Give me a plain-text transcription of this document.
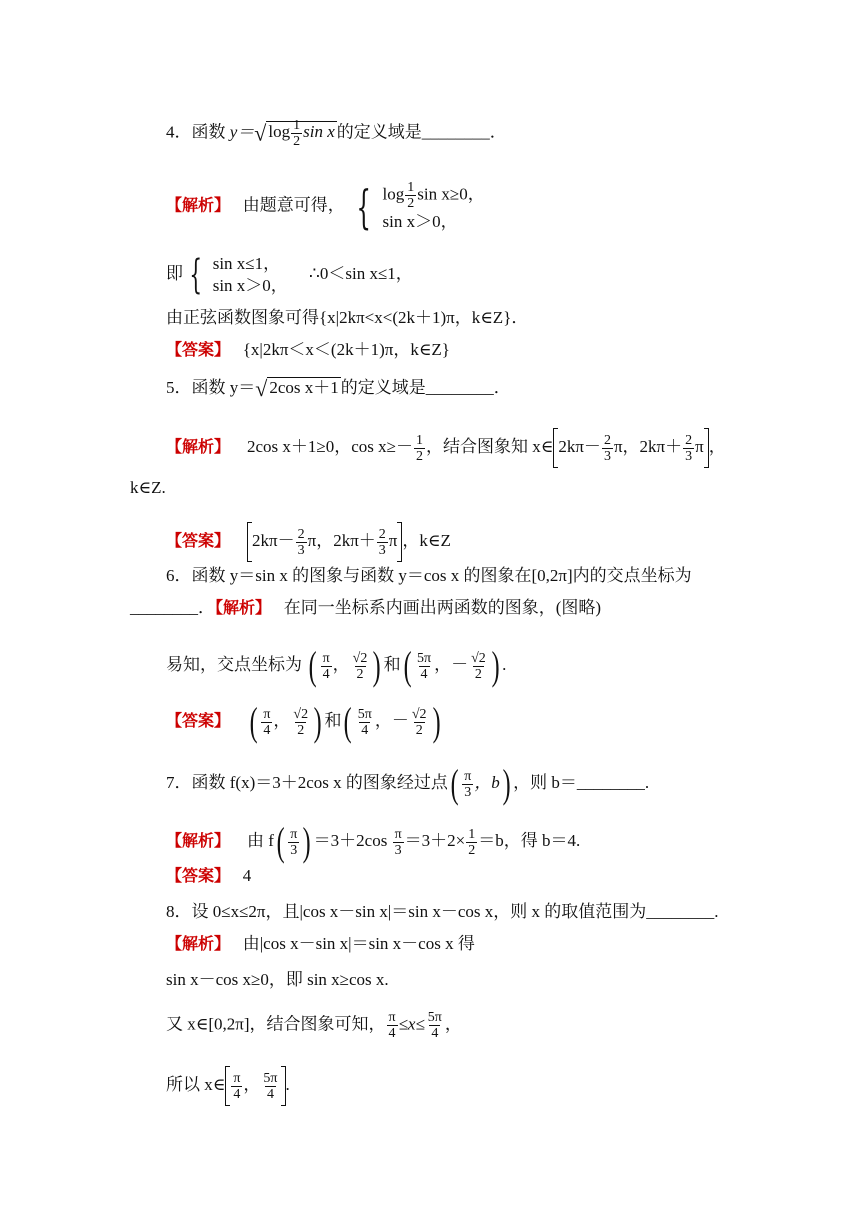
4．函数 y＝√ $\log \frac{1}{2}$ sin x 的定义域是________．
【解析】 由题意可得， { $\log \frac{1}{2}$ sin x≥0，
sin x＞0，
即 { sin x≤1，
sin x＞0，
∴0＜sin x≤1，
由正弦函数图象可得{x|2kπ<x<(2k＋1)π，k∈Z}．
【答案】 {x|2kπ＜x＜(2k＋1)π，k∈Z}
5．函数 y＝√ 2cos x＋1 的定义域是________．
【解析】 2cos x＋1≥0，$\cos x\ge- \frac{1}{2}$ ，结合图象知 x∈ $2k\pi- \frac{2}{3}$ π，$2k\pi+ \frac{2}{3}$ π ，
k∈Z.
【答案】 $2k\pi- \frac{2}{3}$ π，$2k\pi+ \frac{2}{3}$ π ，k∈Z
6．函数 y＝sin x 的图象与函数 y＝cos x 的图象在[0,2π]内的交点坐标为
________．【解析】 在同一坐标系内画出两函数的图象，(图略)
易知，交点坐标为 ( $\frac{\pi}{4}$ ， $\frac{√2}{2}$ ) 和( $\frac{5\pi}{4}$ ，－ $\frac{√2}{2}$ ) .
【答案】 ( $\frac{\pi}{4}$ ， $\frac{√2}{2}$ ) 和( $\frac{5\pi}{4}$ ，－ $\frac{√2}{2}$ )
7．函数 f(x)＝3＋2cos x 的图象经过点( $\frac{\pi}{3}$ ，b) ，则 b＝________.
【解析】 由 $f( \frac{\pi}{3}$ ) $=3+2\cos \frac{\pi}{3} =3+2\times \frac{1}{2} =b$，得 b＝4.
【答案】 4
8．设 0≤x≤2π，且|cos x－sin x|＝sin x－cos x，则 x 的取值范围为________.
【解析】 由|cos x－sin x|＝sin x－cos x 得
sin x－cos x≥0，即 sin x≥cos x.
又 x∈[0,2π]，结合图象可知， $\frac{\pi}{4} \le x\le \frac{5\pi}{4}$ ，
所以 x∈ $\frac{\pi}{4}$ ， $\frac{5\pi}{4}$ .
